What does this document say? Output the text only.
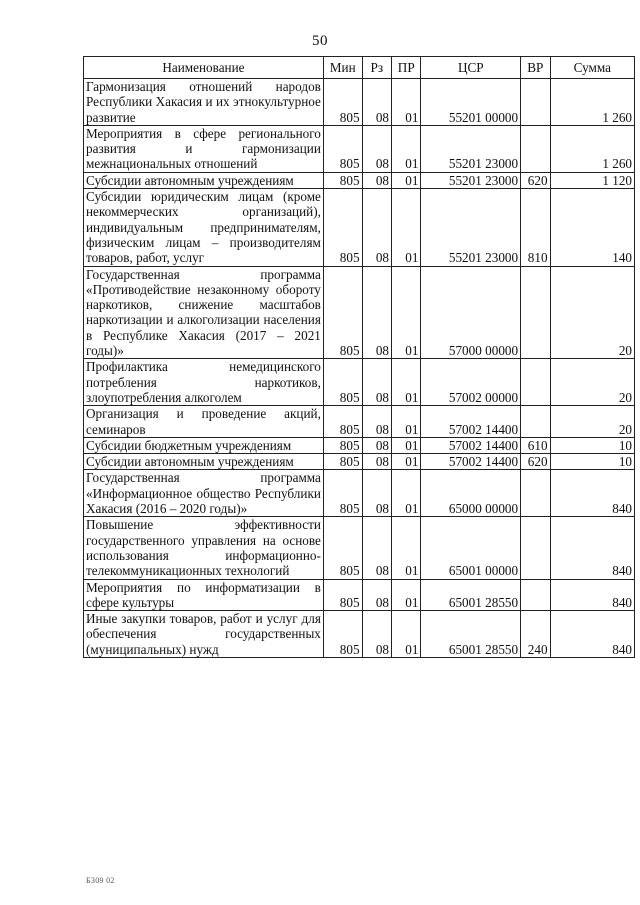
50
Наименование	Мин	Рз	ПР	ЦСР	ВР	Сумма
Гармонизация отношений народов Республики Хакасия и их этнокультурное развитие	805	08	01	55201 00000		1 260
Мероприятия в сфере регионального развития и гармонизации межнациональных отношений	805	08	01	55201 23000		1 260
Субсидии автономным учреждениям	805	08	01	55201 23000	620	1 120
Субсидии юридическим лицам (кроме некоммерческих организаций), индивидуальным предпринимателям, физическим лицам – производителям товаров, работ, услуг	805	08	01	55201 23000	810	140
Государственная программа «Противодействие незаконному обороту наркотиков, снижение масштабов наркотизации и алкоголизации населения в Республике Хакасия (2017 – 2021 годы)»	805	08	01	57000 00000		20
Профилактика немедицинского потребления наркотиков, злоупотребления алкоголем	805	08	01	57002 00000		20
Организация и проведение акций, семинаров	805	08	01	57002 14400		20
Субсидии бюджетным учреждениям	805	08	01	57002 14400	610	10
Субсидии автономным учреждениям	805	08	01	57002 14400	620	10
Государственная программа «Информационное общество Республики Хакасия (2016 – 2020 годы)»	805	08	01	65000 00000		840
Повышение эффективности государственного управления на основе использования информационно-телекоммуникационных технологий	805	08	01	65001 00000		840
Мероприятия по информатизации в сфере культуры	805	08	01	65001 28550		840
Иные закупки товаров, работ и услуг для обеспечения государственных (муниципальных) нужд	805	08	01	65001 28550	240	840
Б309 02
